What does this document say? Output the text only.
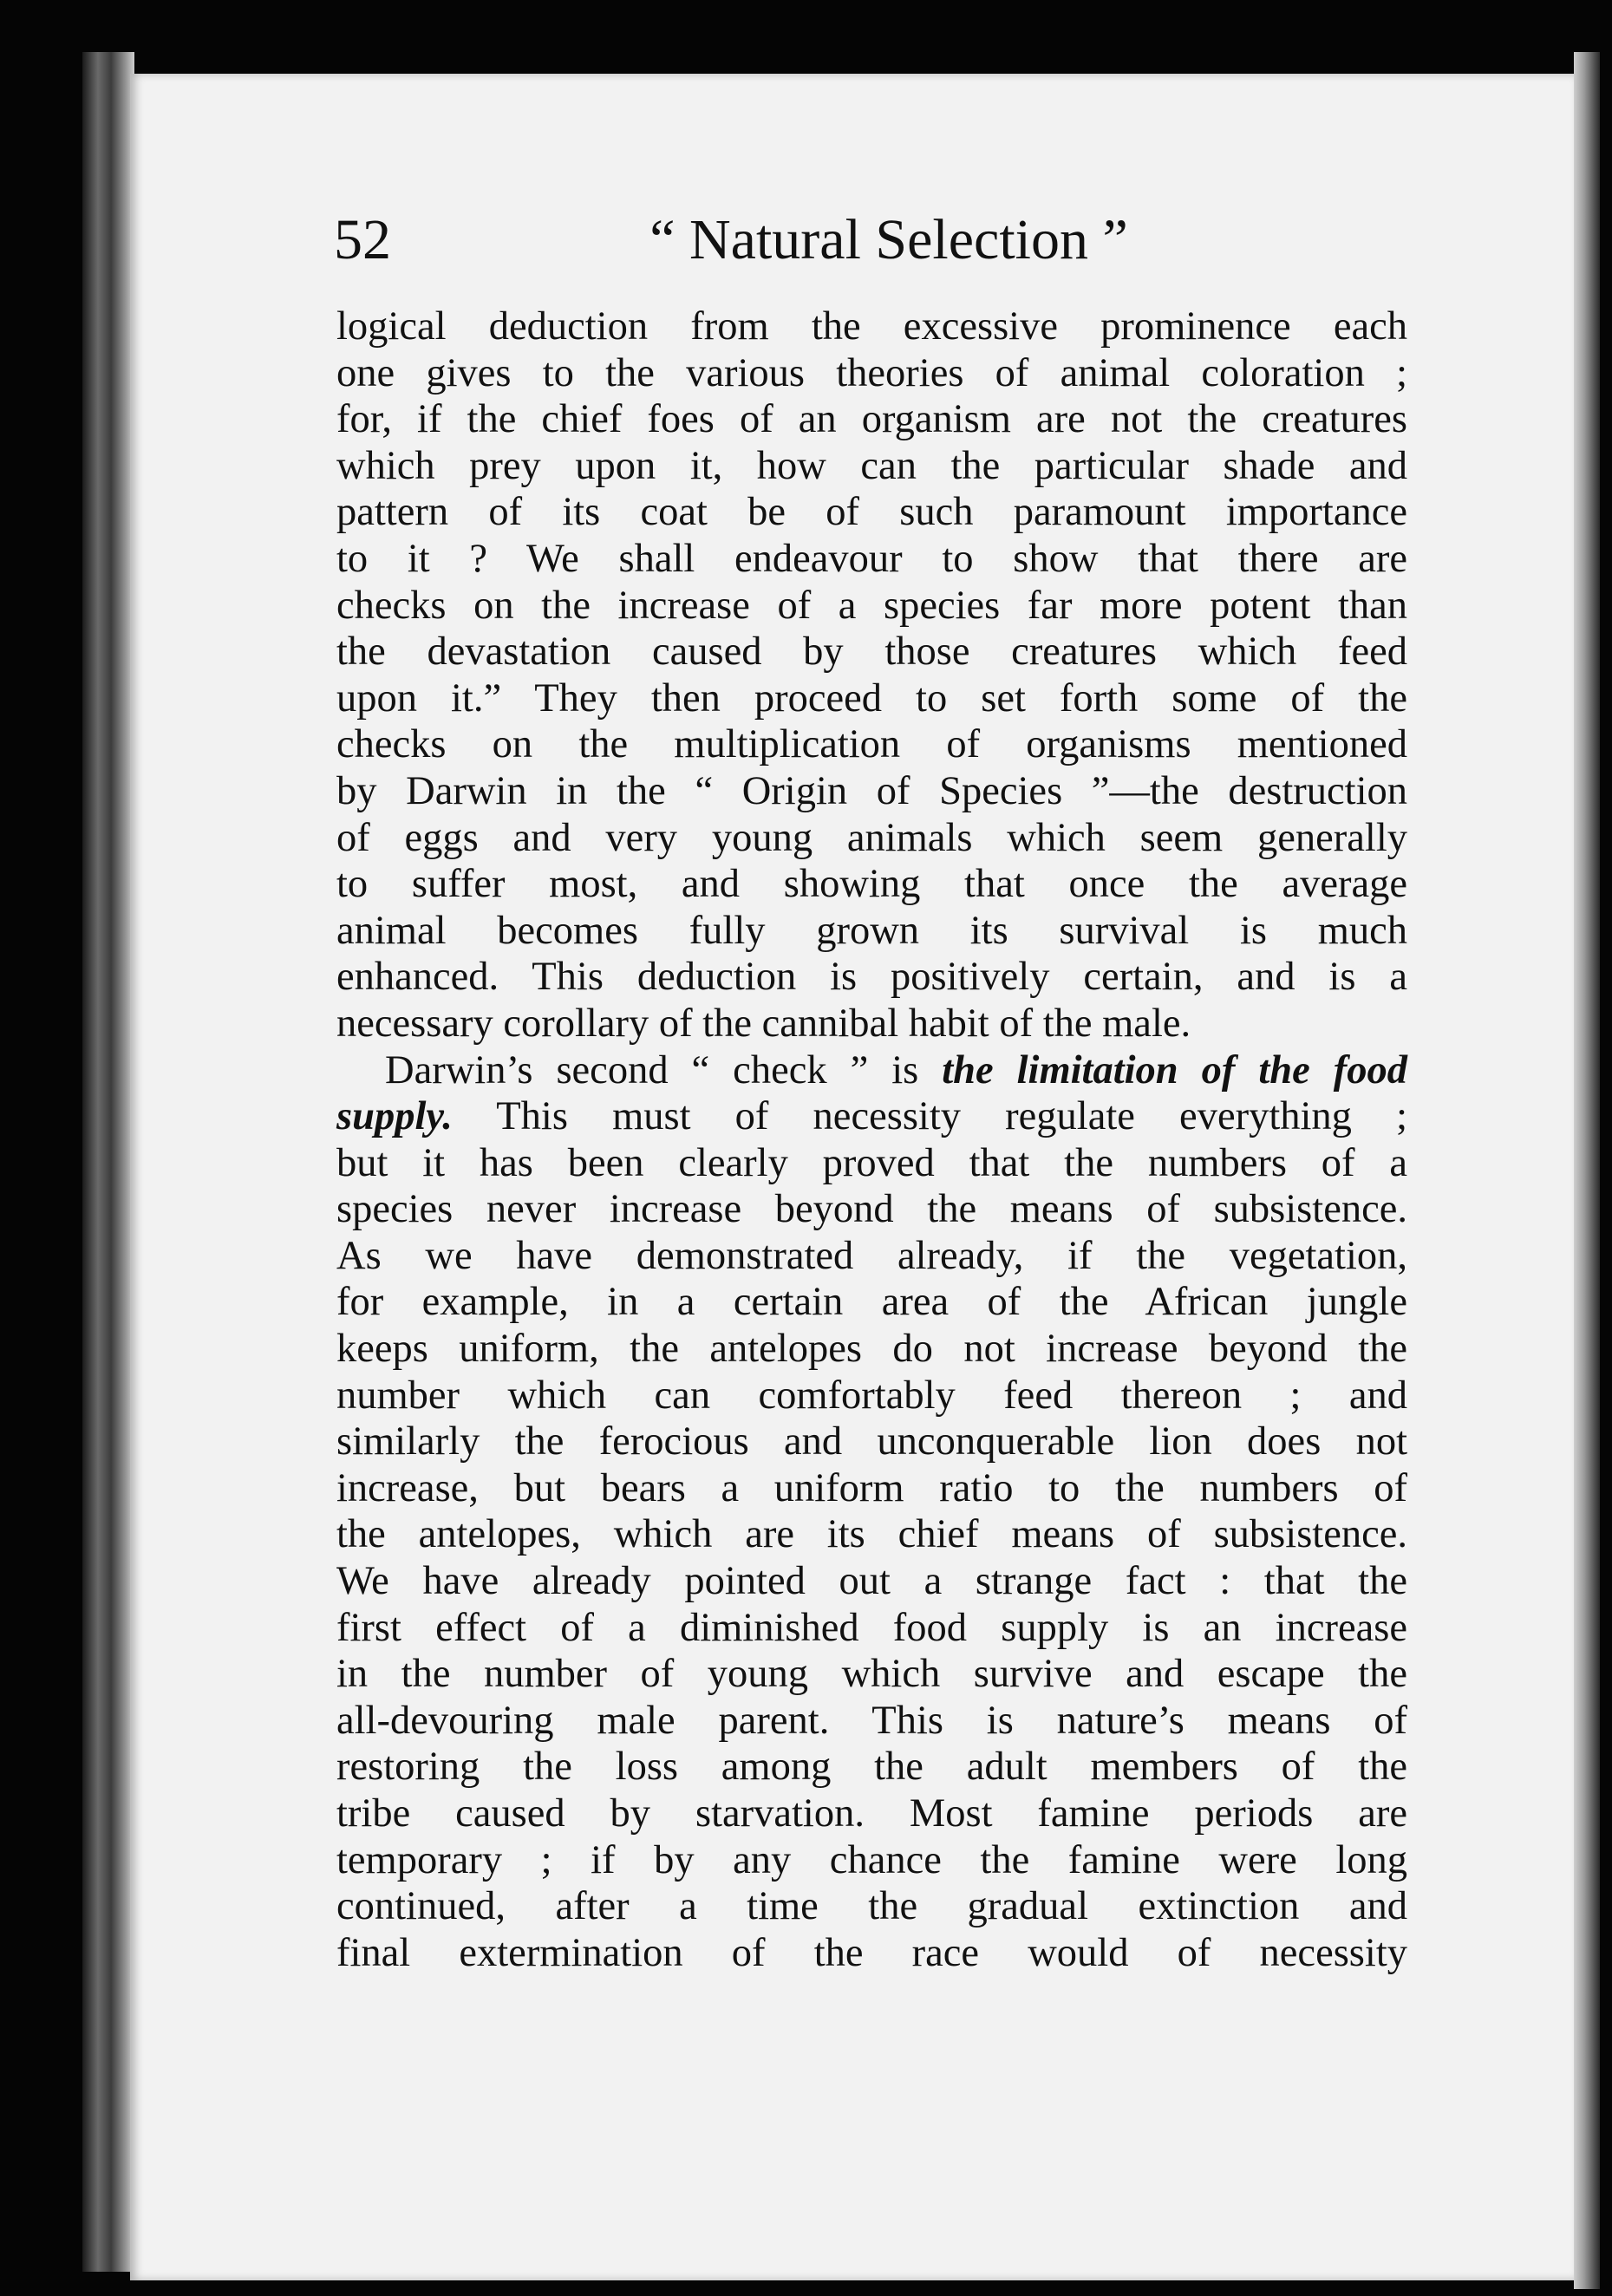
52	“ Natural Selection ”
logical deduction from the excessive prominence each
one gives to the various theories of animal coloration ;
for, if the chief foes of an organism are not the creatures
which prey upon it, how can the particular shade and
pattern of its coat be of such paramount importance
to it ? We shall endeavour to show that there are
checks on the increase of a species far more potent than
the devastation caused by those creatures which feed
upon it.” They then proceed to set forth some of the
checks on the multiplication of organisms mentioned
by Darwin in the “ Origin of Species ”—the destruction
of eggs and very young animals which seem generally
to suffer most, and showing that once the average
animal becomes fully grown its survival is much
enhanced. This deduction is positively certain, and is a
necessary corollary of the cannibal habit of the male.
Darwin’s second “ check ” is the limitation of the food
supply. This must of necessity regulate everything ;
but it has been clearly proved that the numbers of a
species never increase beyond the means of subsistence.
As we have demonstrated already, if the vegetation,
for example, in a certain area of the African jungle
keeps uniform, the antelopes do not increase beyond the
number which can comfortably feed thereon ; and
similarly the ferocious and unconquerable lion does not
increase, but bears a uniform ratio to the numbers of
the antelopes, which are its chief means of subsistence.
We have already pointed out a strange fact : that the
first effect of a diminished food supply is an increase
in the number of young which survive and escape the
all-devouring male parent. This is nature’s means of
restoring the loss among the adult members of the
tribe caused by starvation. Most famine periods are
temporary ; if by any chance the famine were long
continued, after a time the gradual extinction and
final extermination of the race would of necessity
